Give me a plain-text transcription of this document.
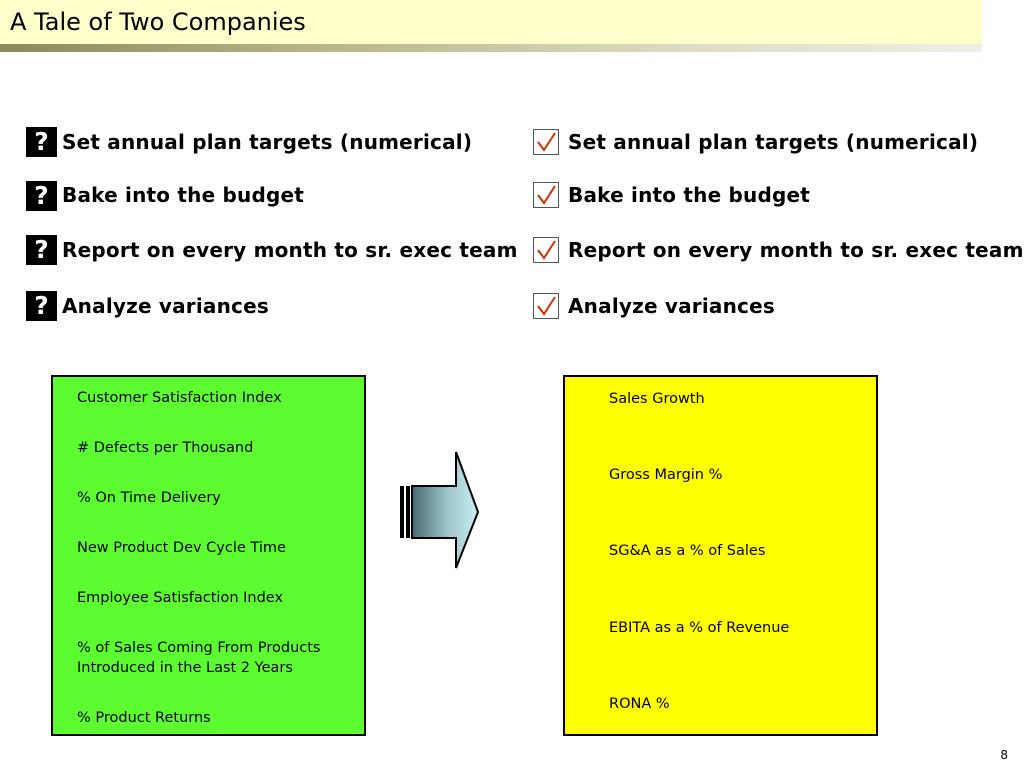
A Tale of Two Companies
? Set annual plan targets (numerical)
? Bake into the budget
? Report on every month to sr. exec team
? Analyze variances
Set annual plan targets (numerical)
Bake into the budget
Report on every month to sr. exec team
Analyze variances
Customer Satisfaction Index
# Defects per Thousand
% On Time Delivery
New Product Dev Cycle Time
Employee Satisfaction Index
% of Sales Coming From Products Introduced in the Last 2 Years
% Product Returns
Sales Growth
Gross Margin %
SG&A as a % of Sales
EBITA as a % of Revenue
RONA %
8
